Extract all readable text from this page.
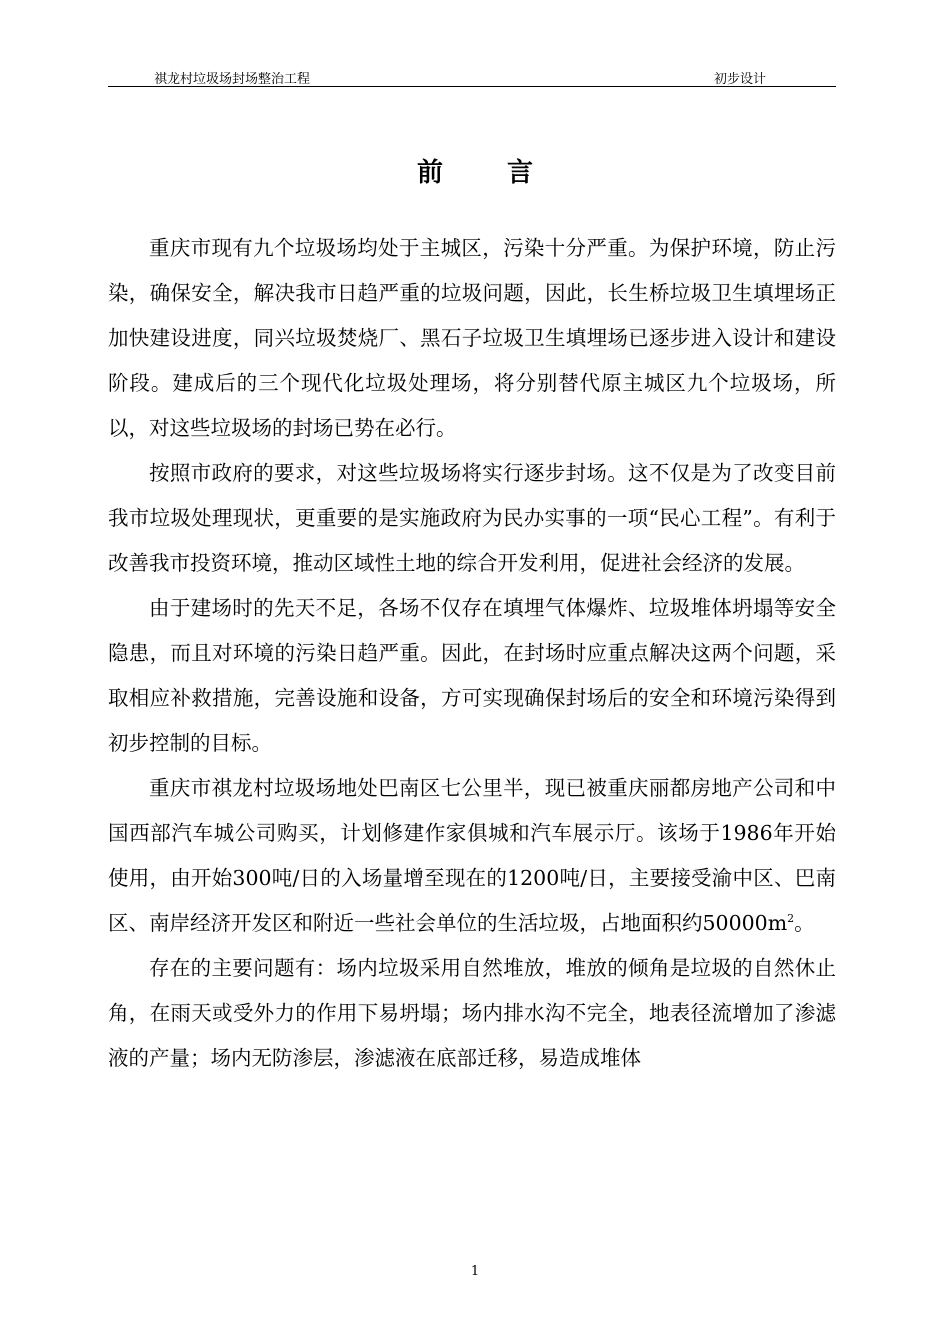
祺龙村垃圾场封场整治工程	初步设计
前言

重庆市现有九个垃圾场均处于主城区，污染十分严重。为保护环境，防止污染，确保安全，解决我市日趋严重的垃圾问题，因此，长生桥垃圾卫生填埋场正加快建设进度，同兴垃圾焚烧厂、黑石子垃圾卫生填埋场已逐步进入设计和建设阶段。建成后的三个现代化垃圾处理场，将分别替代原主城区九个垃圾场，所以，对这些垃圾场的封场已势在必行。

按照市政府的要求，对这些垃圾场将实行逐步封场。这不仅是为了改变目前我市垃圾处理现状，更重要的是实施政府为民办实事的一项“民心工程”。有利于改善我市投资环境，推动区域性土地的综合开发利用，促进社会经济的发展。

由于建场时的先天不足，各场不仅存在填埋气体爆炸、垃圾堆体坍塌等安全隐患，而且对环境的污染日趋严重。因此，在封场时应重点解决这两个问题，采取相应补救措施，完善设施和设备，方可实现确保封场后的安全和环境污染得到初步控制的目标。

重庆市祺龙村垃圾场地处巴南区七公里半，现已被重庆丽都房地产公司和中国西部汽车城公司购买，计划修建作家俱城和汽车展示厅。该场于1986年开始使用，由开始300吨/日的入场量增至现在的1200吨/日，主要接受渝中区、巴南区、南岸经济开发区和附近一些社会单位的生活垃圾，占地面积约$50000m^2$。

存在的主要问题有：场内垃圾采用自然堆放，堆放的倾角是垃圾的自然休止角，在雨天或受外力的作用下易坍塌；场内排水沟不完全，地表径流增加了渗滤液的产量；场内无防渗层，渗滤液在底部迁移，易造成堆体

1
